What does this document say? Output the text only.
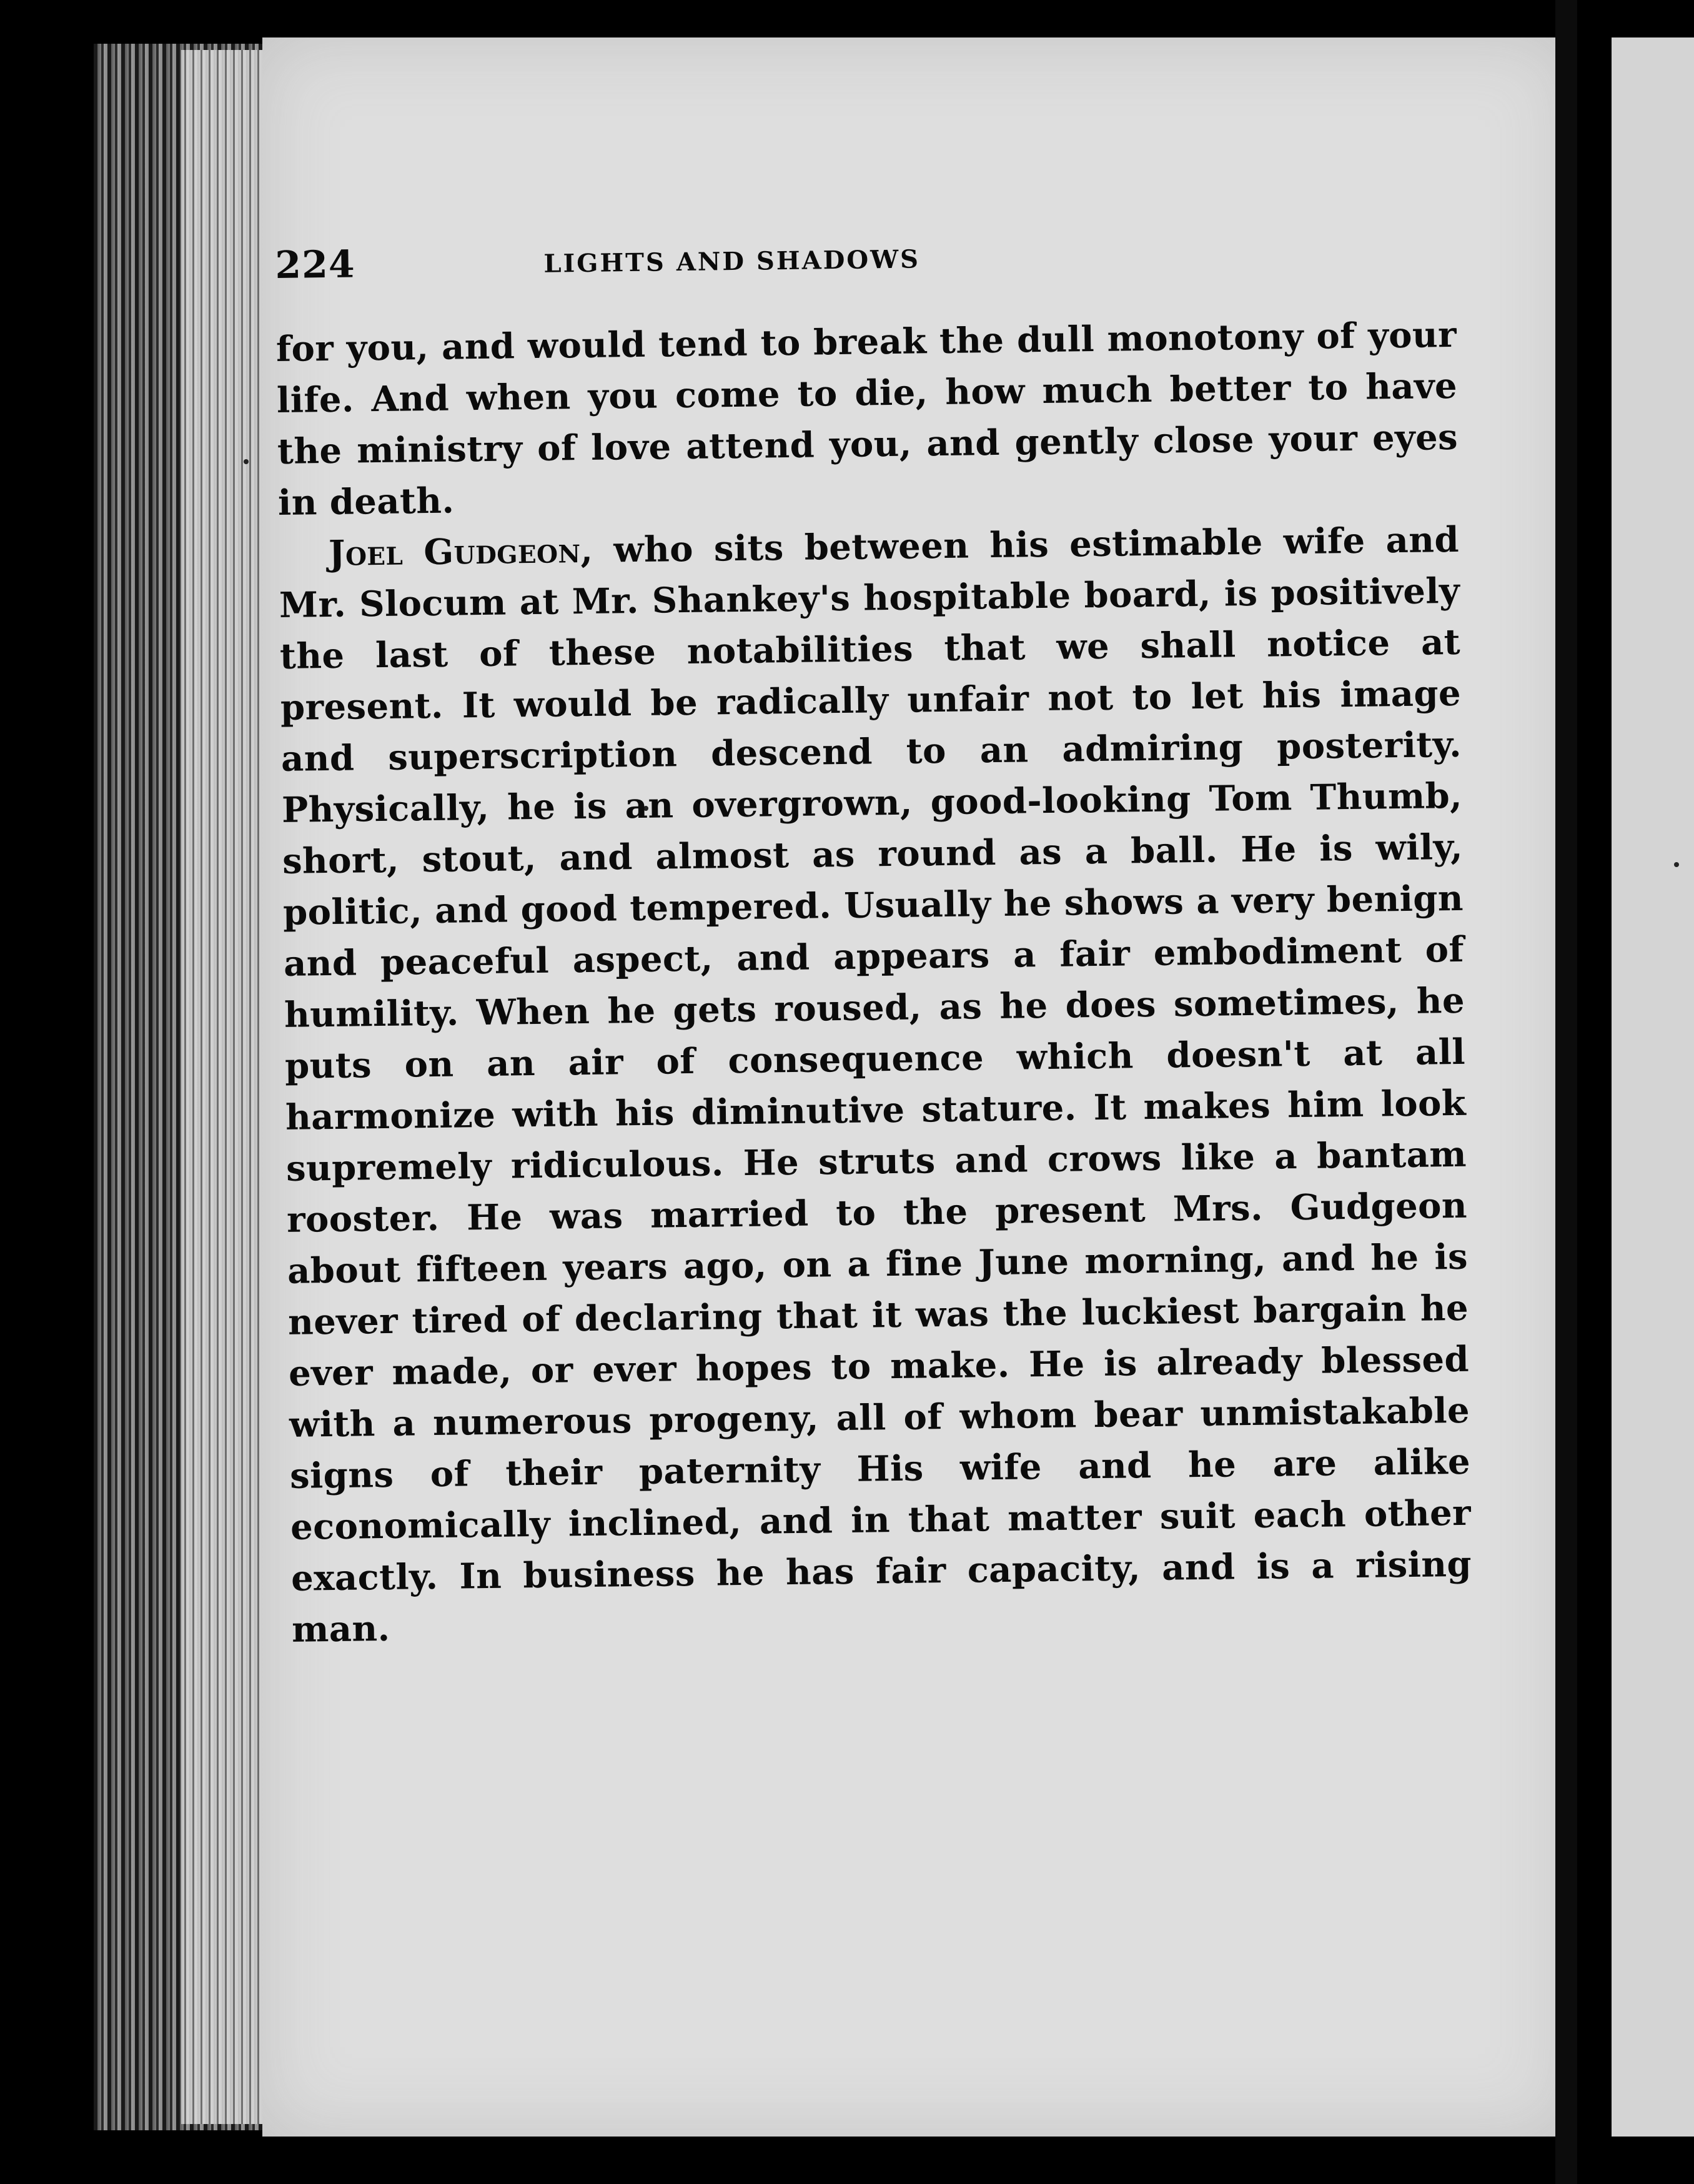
224	LIGHTS AND SHADOWS

for you, and would tend to break the dull monotony of your life. And when you come to die, how much better to have the ministry of love attend you, and gently close your eyes in death.

Joel Gudgeon, who sits between his estimable wife and Mr. Slocum at Mr. Shankey's hospitable board, is positively the last of these notabilities that we shall notice at present. It would be radically unfair not to let his image and superscription descend to an admiring posterity. Physically, he is an overgrown, good-looking Tom Thumb, short, stout, and almost as round as a ball. He is wily, politic, and good tempered. Usually he shows a very benign and peaceful aspect, and appears a fair embodiment of humility. When he gets roused, as he does sometimes, he puts on an air of consequence which doesn't at all harmonize with his diminutive stature. It makes him look supremely ridiculous. He struts and crows like a bantam rooster. He was married to the present Mrs. Gudgeon about fifteen years ago, on a fine June morning, and he is never tired of declaring that it was the luckiest bargain he ever made, or ever hopes to make. He is already blessed with a numerous progeny, all of whom bear unmistakable signs of their paternity His wife and he are alike economically inclined, and in that matter suit each other exactly. In business he has fair capacity, and is a rising man.
